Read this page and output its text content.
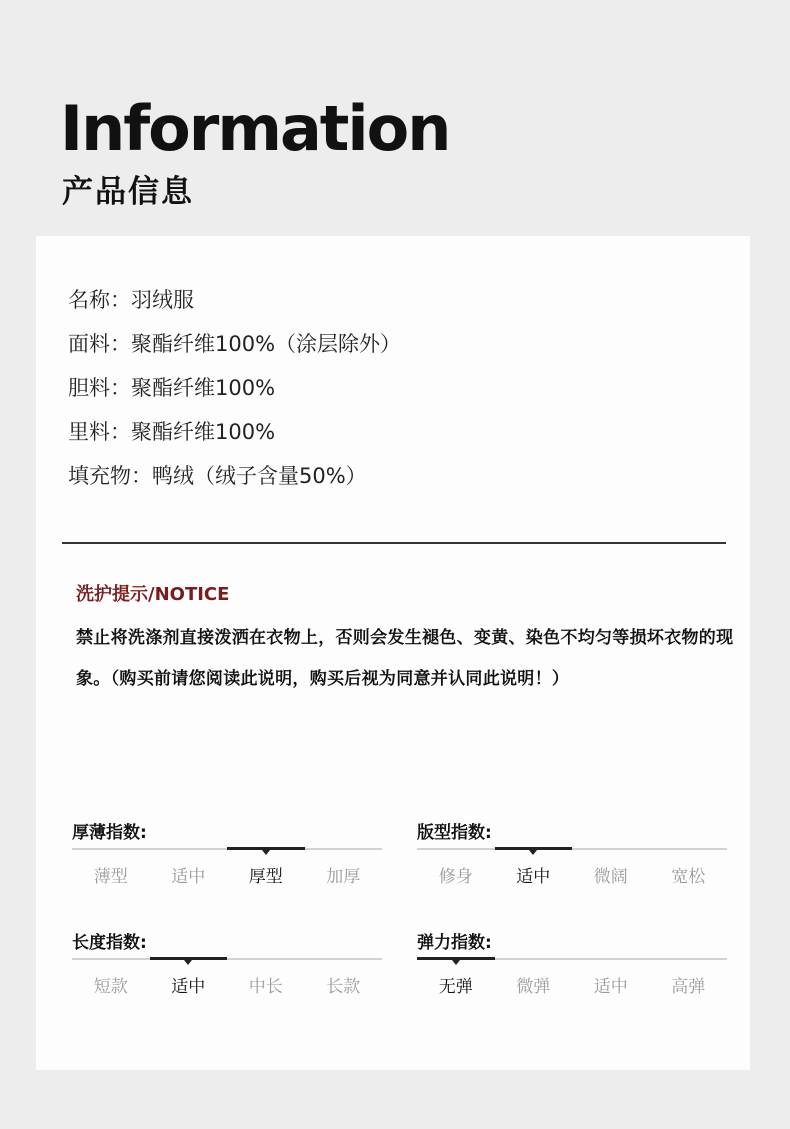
Information
产品信息
名称：羽绒服
面料：聚酯纤维100%（涂层除外）
胆料：聚酯纤维100%
里料：聚酯纤维100%
填充物：鸭绒（绒子含量50%）
洗护提示/NOTICE
禁止将洗涤剂直接泼洒在衣物上，否则会发生褪色、变黄、染色不均匀等损坏衣物的现象。（购买前请您阅读此说明，购买后视为同意并认同此说明！）
厚薄指数:
薄型	适中	厚型	加厚
版型指数:
修身	适中	微阔	宽松
长度指数:
短款	适中	中长	长款
弹力指数:
无弹	微弹	适中	高弹
